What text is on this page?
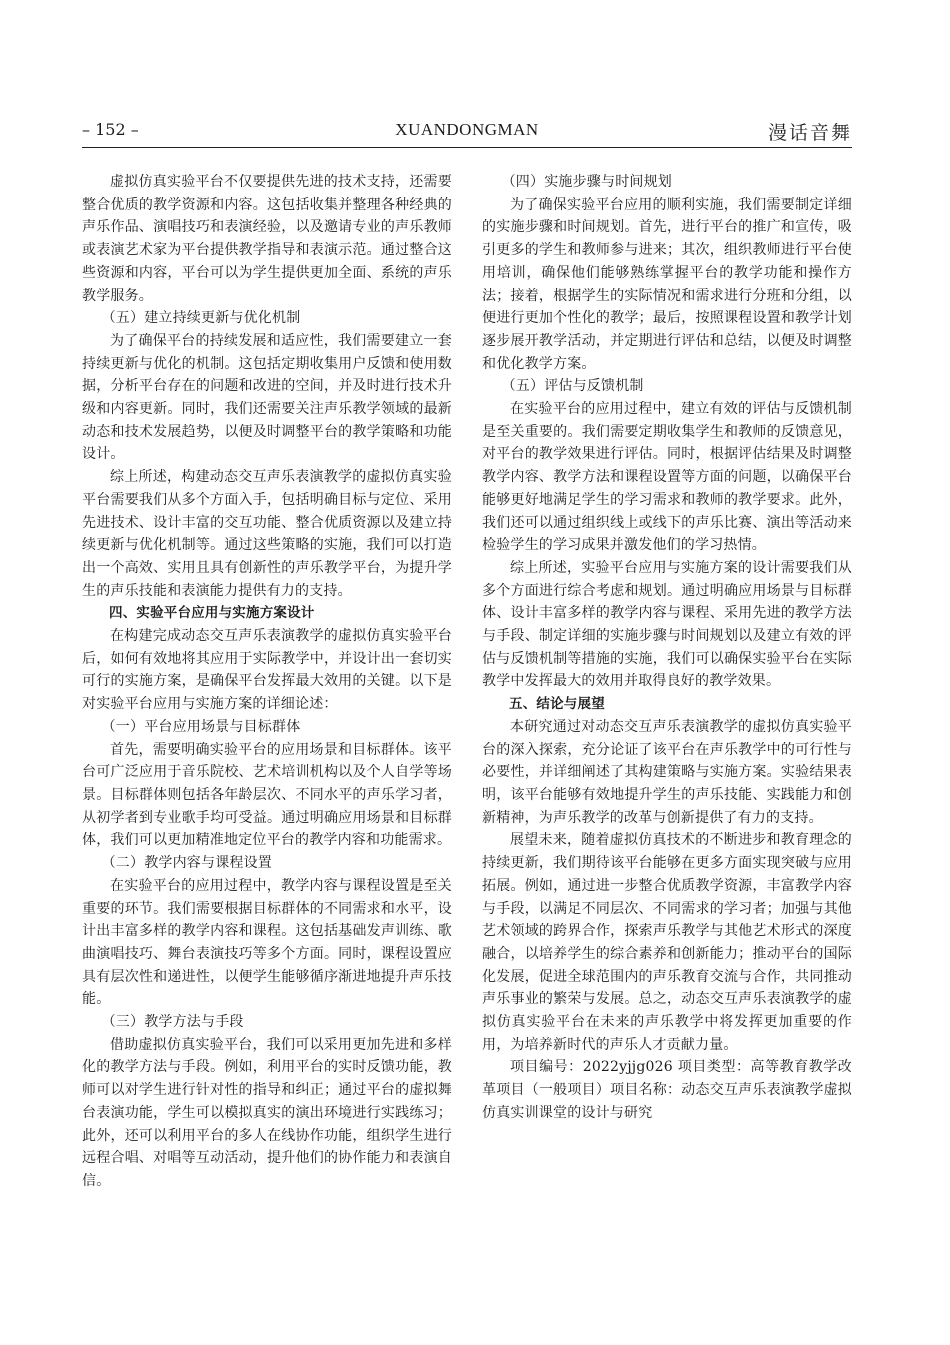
– 152 –	XUANDONGMAN	漫话音舞

虚拟仿真实验平台不仅要提供先进的技术支持，还需要整合优质的教学资源和内容。这包括收集并整理各种经典的声乐作品、演唱技巧和表演经验，以及邀请专业的声乐教师或表演艺术家为平台提供教学指导和表演示范。通过整合这些资源和内容，平台可以为学生提供更加全面、系统的声乐教学服务。

（五）建立持续更新与优化机制

为了确保平台的持续发展和适应性，我们需要建立一套持续更新与优化的机制。这包括定期收集用户反馈和使用数据，分析平台存在的问题和改进的空间，并及时进行技术升级和内容更新。同时，我们还需要关注声乐教学领域的最新动态和技术发展趋势，以便及时调整平台的教学策略和功能设计。

综上所述，构建动态交互声乐表演教学的虚拟仿真实验平台需要我们从多个方面入手，包括明确目标与定位、采用先进技术、设计丰富的交互功能、整合优质资源以及建立持续更新与优化机制等。通过这些策略的实施，我们可以打造出一个高效、实用且具有创新性的声乐教学平台，为提升学生的声乐技能和表演能力提供有力的支持。

四、实验平台应用与实施方案设计

在构建完成动态交互声乐表演教学的虚拟仿真实验平台后，如何有效地将其应用于实际教学中，并设计出一套切实可行的实施方案，是确保平台发挥最大效用的关键。以下是对实验平台应用与实施方案的详细论述：

（一）平台应用场景与目标群体

首先，需要明确实验平台的应用场景和目标群体。该平台可广泛应用于音乐院校、艺术培训机构以及个人自学等场景。目标群体则包括各年龄层次、不同水平的声乐学习者，从初学者到专业歌手均可受益。通过明确应用场景和目标群体，我们可以更加精准地定位平台的教学内容和功能需求。

（二）教学内容与课程设置

在实验平台的应用过程中，教学内容与课程设置是至关重要的环节。我们需要根据目标群体的不同需求和水平，设计出丰富多样的教学内容和课程。这包括基础发声训练、歌曲演唱技巧、舞台表演技巧等多个方面。同时，课程设置应具有层次性和递进性，以便学生能够循序渐进地提升声乐技能。

（三）教学方法与手段

借助虚拟仿真实验平台，我们可以采用更加先进和多样化的教学方法与手段。例如，利用平台的实时反馈功能，教师可以对学生进行针对性的指导和纠正；通过平台的虚拟舞台表演功能，学生可以模拟真实的演出环境进行实践练习；此外，还可以利用平台的多人在线协作功能，组织学生进行远程合唱、对唱等互动活动，提升他们的协作能力和表演自信。

（四）实施步骤与时间规划

为了确保实验平台应用的顺利实施，我们需要制定详细的实施步骤和时间规划。首先，进行平台的推广和宣传，吸引更多的学生和教师参与进来；其次，组织教师进行平台使用培训，确保他们能够熟练掌握平台的教学功能和操作方法；接着，根据学生的实际情况和需求进行分班和分组，以便进行更加个性化的教学；最后，按照课程设置和教学计划逐步展开教学活动，并定期进行评估和总结，以便及时调整和优化教学方案。

（五）评估与反馈机制

在实验平台的应用过程中，建立有效的评估与反馈机制是至关重要的。我们需要定期收集学生和教师的反馈意见，对平台的教学效果进行评估。同时，根据评估结果及时调整教学内容、教学方法和课程设置等方面的问题，以确保平台能够更好地满足学生的学习需求和教师的教学要求。此外，我们还可以通过组织线上或线下的声乐比赛、演出等活动来检验学生的学习成果并激发他们的学习热情。

综上所述，实验平台应用与实施方案的设计需要我们从多个方面进行综合考虑和规划。通过明确应用场景与目标群体、设计丰富多样的教学内容与课程、采用先进的教学方法与手段、制定详细的实施步骤与时间规划以及建立有效的评估与反馈机制等措施的实施，我们可以确保实验平台在实际教学中发挥最大的效用并取得良好的教学效果。

五、结论与展望

本研究通过对动态交互声乐表演教学的虚拟仿真实验平台的深入探索，充分论证了该平台在声乐教学中的可行性与必要性，并详细阐述了其构建策略与实施方案。实验结果表明，该平台能够有效地提升学生的声乐技能、实践能力和创新精神，为声乐教学的改革与创新提供了有力的支持。

展望未来，随着虚拟仿真技术的不断进步和教育理念的持续更新，我们期待该平台能够在更多方面实现突破与应用拓展。例如，通过进一步整合优质教学资源，丰富教学内容与手段，以满足不同层次、不同需求的学习者；加强与其他艺术领域的跨界合作，探索声乐教学与其他艺术形式的深度融合，以培养学生的综合素养和创新能力；推动平台的国际化发展，促进全球范围内的声乐教育交流与合作，共同推动声乐事业的繁荣与发展。总之，动态交互声乐表演教学的虚拟仿真实验平台在未来的声乐教学中将发挥更加重要的作用，为培养新时代的声乐人才贡献力量。

项目编号：2022yjjg026 项目类型：高等教育教学改革项目（一般项目）项目名称：动态交互声乐表演教学虚拟仿真实训课堂的设计与研究
